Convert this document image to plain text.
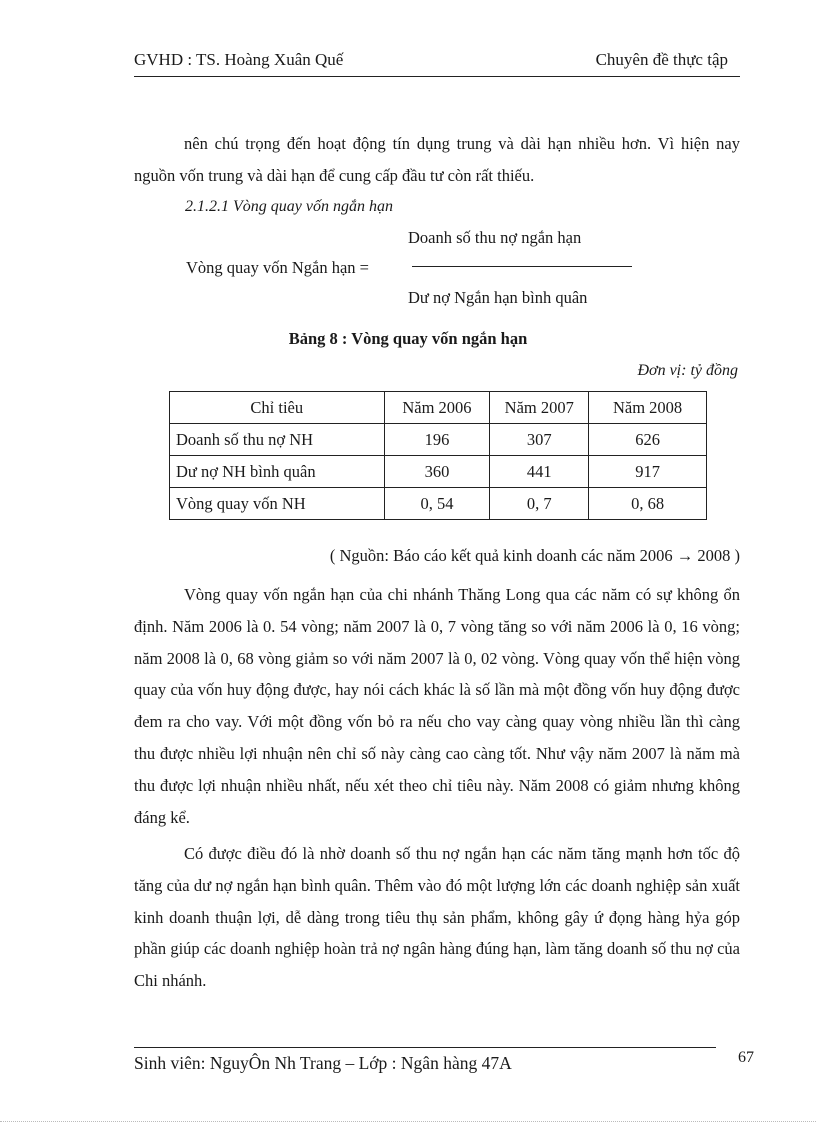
GVHD : TS. Hoàng Xuân Quế	Chuyên đề thực tập

nên chú trọng đến hoạt động tín dụng trung và dài hạn nhiều hơn. Vì hiện nay nguồn vốn trung và dài hạn để cung cấp đầu tư còn rất thiếu.

2.1.2.1 Vòng quay vốn ngắn hạn
Vòng quay vốn Ngắn hạn =
Doanh số thu nợ ngắn hạn
Dư nợ Ngắn hạn bình quân
Bảng 8 : Vòng quay vốn ngắn hạn
Đơn vị: tỷ đồng
Chỉ tiêu	Năm 2006	Năm 2007	Năm 2008
Doanh số thu nợ NH	196	307	626
Dư nợ NH bình quân	360	441	917
Vòng quay vốn NH	0, 54	0, 7	0, 68
( Nguồn: Báo cáo kết quả kinh doanh các năm 2006 → 2008 )

Vòng quay vốn ngắn hạn của chi nhánh Thăng Long qua các năm có sự không ổn định. Năm 2006 là 0. 54 vòng; năm 2007 là 0, 7 vòng tăng so với năm 2006 là 0, 16 vòng; năm 2008 là 0, 68 vòng giảm so với năm 2007 là 0, 02 vòng. Vòng quay vốn thể hiện vòng quay của vốn huy động được, hay nói cách khác là số lần mà một đồng vốn huy động được đem ra cho vay. Với một đồng vốn bỏ ra nếu cho vay càng quay vòng nhiều lần thì càng thu được nhiều lợi nhuận nên chỉ số này càng cao càng tốt. Như vậy năm 2007 là năm mà thu được lợi nhuận nhiều nhất, nếu xét theo chỉ tiêu này. Năm 2008 có giảm nhưng không đáng kể.

Có được điều đó là nhờ doanh số thu nợ ngắn hạn các năm tăng mạnh hơn tốc độ tăng của dư nợ ngắn hạn bình quân. Thêm vào đó một lượng lớn các doanh nghiệp sản xuất kinh doanh thuận lợi, dễ dàng trong tiêu thụ sản phẩm, không gây ứ đọng hàng hỷa góp phần giúp các doanh nghiệp hoàn trả nợ ngân hàng đúng hạn, làm tăng doanh số thu nợ của Chi nhánh.

Sinh viên: NguyÔn Nh Trang – Lớp : Ngân hàng 47A	67
